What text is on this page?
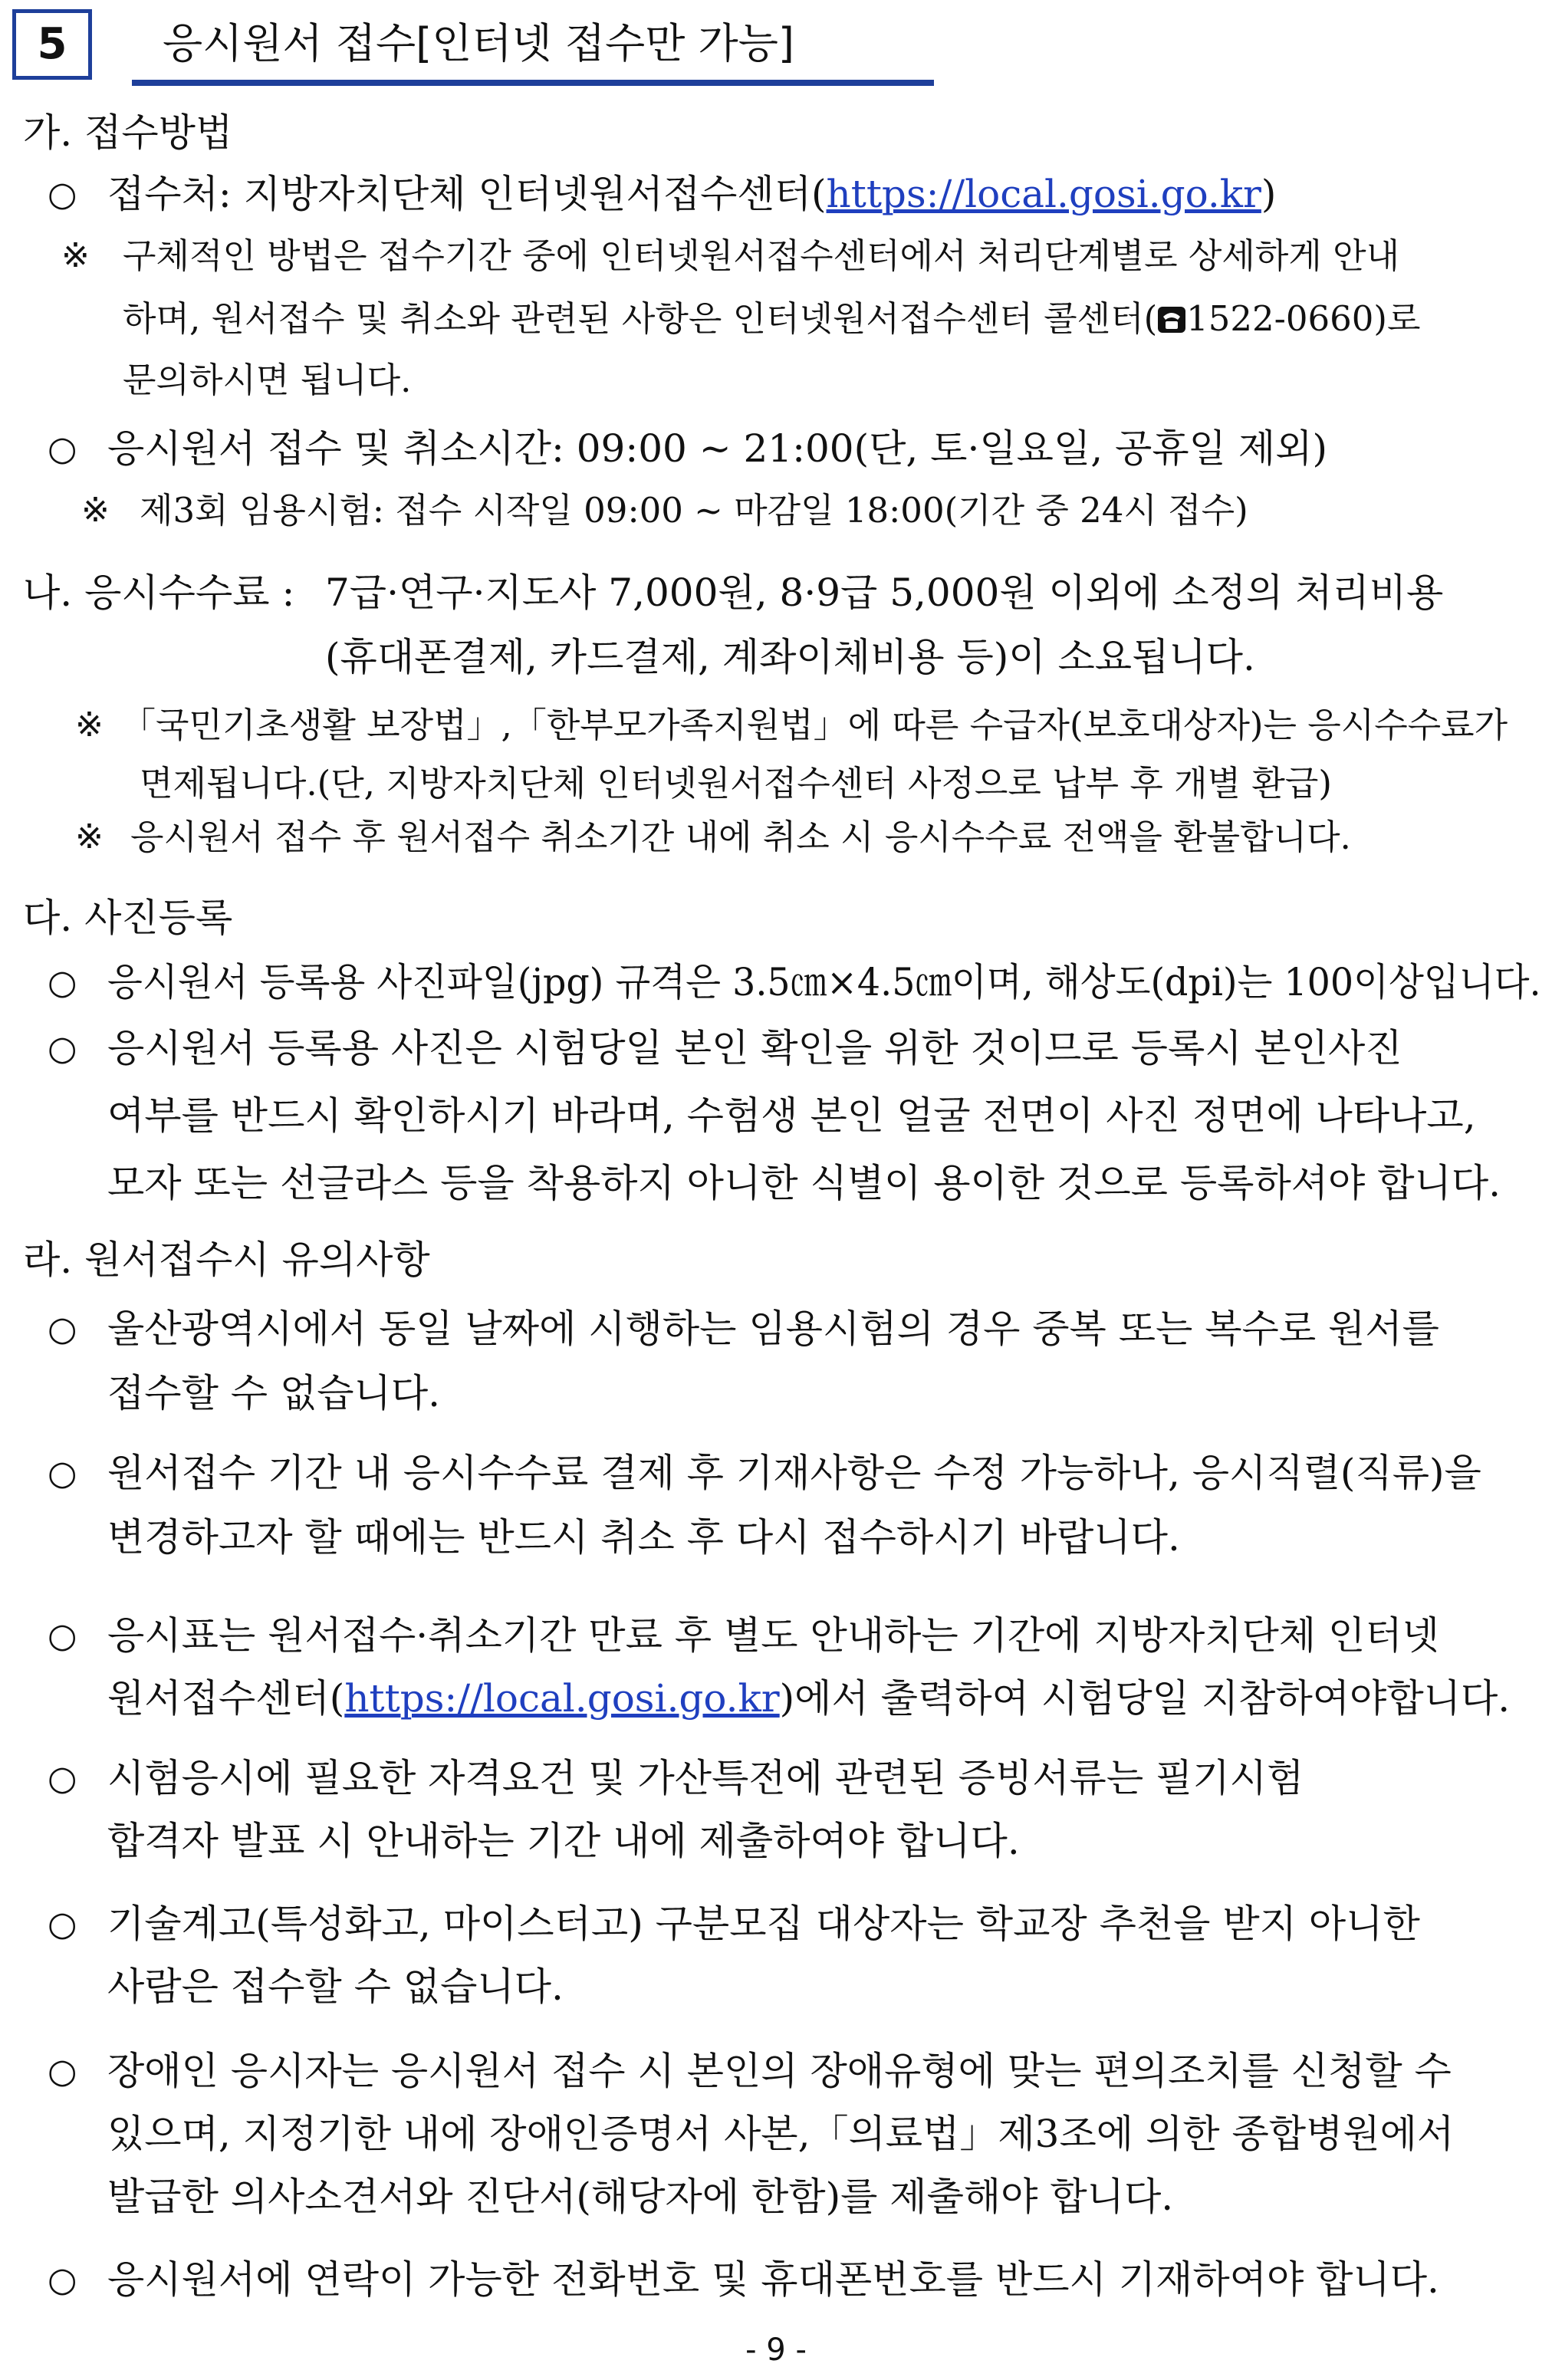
5	응시원서 접수[인터넷 접수만 가능]
가. 접수방법
○ 접수처: 지방자치단체 인터넷원서접수센터(https://local.gosi.go.kr)
※ 구체적인 방법은 접수기간 중에 인터넷원서접수센터에서 처리단계별로 상세하게 안내
하며, 원서접수 및 취소와 관련된 사항은 인터넷원서접수센터 콜센터( 1522-0660)로
문의하시면 됩니다.
○ 응시원서 접수 및 취소시간: 09:00 ~ 21:00(단, 토·일요일, 공휴일 제외)
※ 제3회 임용시험: 접수 시작일 09:00 ~ 마감일 18:00(기간 중 24시 접수)
나. 응시수수료 : 7급·연구·지도사 7,000원, 8·9급 5,000원 이외에 소정의 처리비용
(휴대폰결제, 카드결제, 계좌이체비용 등)이 소요됩니다.
※ 「국민기초생활 보장법」,「한부모가족지원법」에 따른 수급자(보호대상자)는 응시수수료가
면제됩니다.(단, 지방자치단체 인터넷원서접수센터 사정으로 납부 후 개별 환급)
※ 응시원서 접수 후 원서접수 취소기간 내에 취소 시 응시수수료 전액을 환불합니다.
다. 사진등록
○ 응시원서 등록용 사진파일(jpg) 규격은 3.5㎝×4.5㎝이며, 해상도(dpi)는 100이상입니다.
○ 응시원서 등록용 사진은 시험당일 본인 확인을 위한 것이므로 등록시 본인사진
여부를 반드시 확인하시기 바라며, 수험생 본인 얼굴 전면이 사진 정면에 나타나고,
모자 또는 선글라스 등을 착용하지 아니한 식별이 용이한 것으로 등록하셔야 합니다.
라. 원서접수시 유의사항
○ 울산광역시에서 동일 날짜에 시행하는 임용시험의 경우 중복 또는 복수로 원서를
접수할 수 없습니다.
○ 원서접수 기간 내 응시수수료 결제 후 기재사항은 수정 가능하나, 응시직렬(직류)을
변경하고자 할 때에는 반드시 취소 후 다시 접수하시기 바랍니다.
○ 응시표는 원서접수·취소기간 만료 후 별도 안내하는 기간에 지방자치단체 인터넷
원서접수센터(https://local.gosi.go.kr)에서 출력하여 시험당일 지참하여야합니다.
○ 시험응시에 필요한 자격요건 및 가산특전에 관련된 증빙서류는 필기시험
합격자 발표 시 안내하는 기간 내에 제출하여야 합니다.
○ 기술계고(특성화고, 마이스터고) 구분모집 대상자는 학교장 추천을 받지 아니한
사람은 접수할 수 없습니다.
○ 장애인 응시자는 응시원서 접수 시 본인의 장애유형에 맞는 편의조치를 신청할 수
있으며, 지정기한 내에 장애인증명서 사본,「의료법」제3조에 의한 종합병원에서
발급한 의사소견서와 진단서(해당자에 한함)를 제출해야 합니다.
○ 응시원서에 연락이 가능한 전화번호 및 휴대폰번호를 반드시 기재하여야 합니다.
- 9 -
